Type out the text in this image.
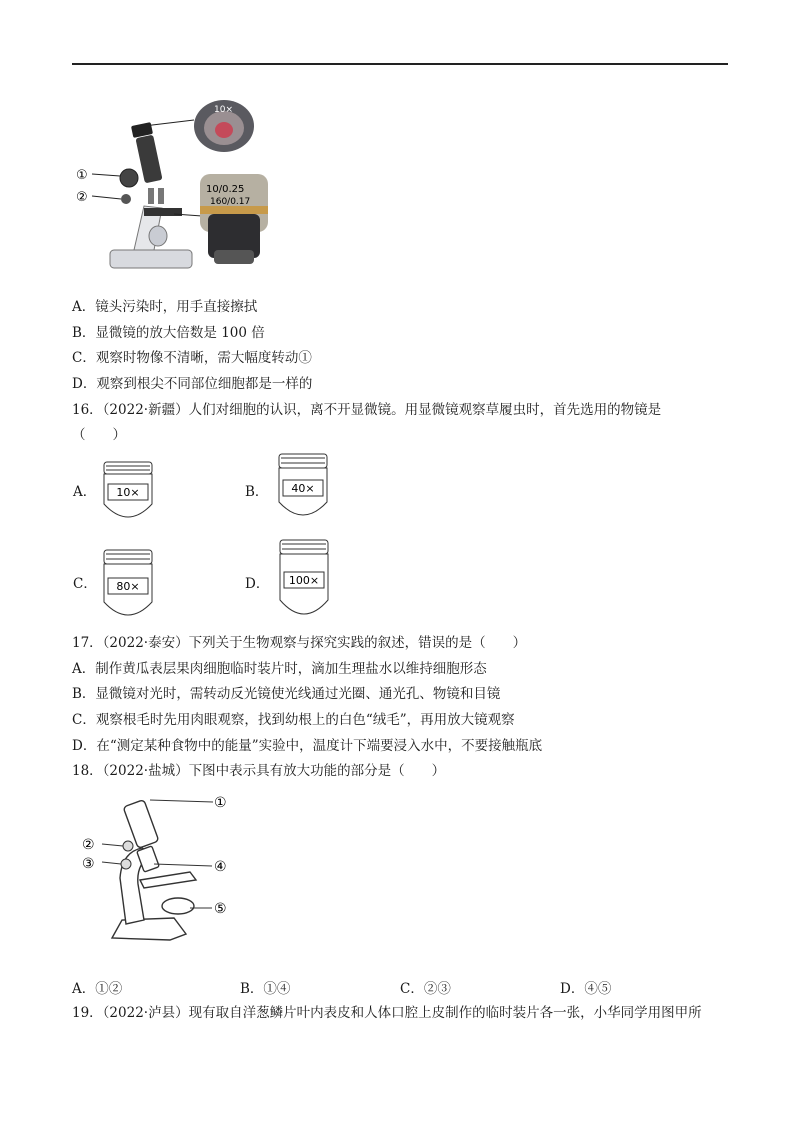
①
②
10×
10/0.25
160/0.17
A．镜头污染时，用手直接擦拭
B．显微镜的放大倍数是 100 倍
C．观察时物像不清晰，需大幅度转动①
D．观察到根尖不同部位细胞都是一样的
16．（2022·新疆）人们对细胞的认识，离不开显微镜。用显微镜观察草履虫时，首先选用的物镜是
（　　）
A． 10×	B． 40×
C． 80×	D． 100×
17．（2022·泰安）下列关于生物观察与探究实践的叙述，错误的是（　　）
A．制作黄瓜表层果肉细胞临时装片时，滴加生理盐水以维持细胞形态
B．显微镜对光时，需转动反光镜使光线通过光圈、通光孔、物镜和目镜
C．观察根毛时先用肉眼观察，找到幼根上的白色“绒毛”，再用放大镜观察
D．在“测定某种食物中的能量”实验中，温度计下端要浸入水中，不要接触瓶底
18．（2022·盐城）下图中表示具有放大功能的部分是（　　）
①
②
③	④
⑤
A．①②	B．①④	C．②③	D．④⑤
19．（2022·泸县）现有取自洋葱鳞片叶内表皮和人体口腔上皮制作的临时装片各一张，小华同学用图甲所
